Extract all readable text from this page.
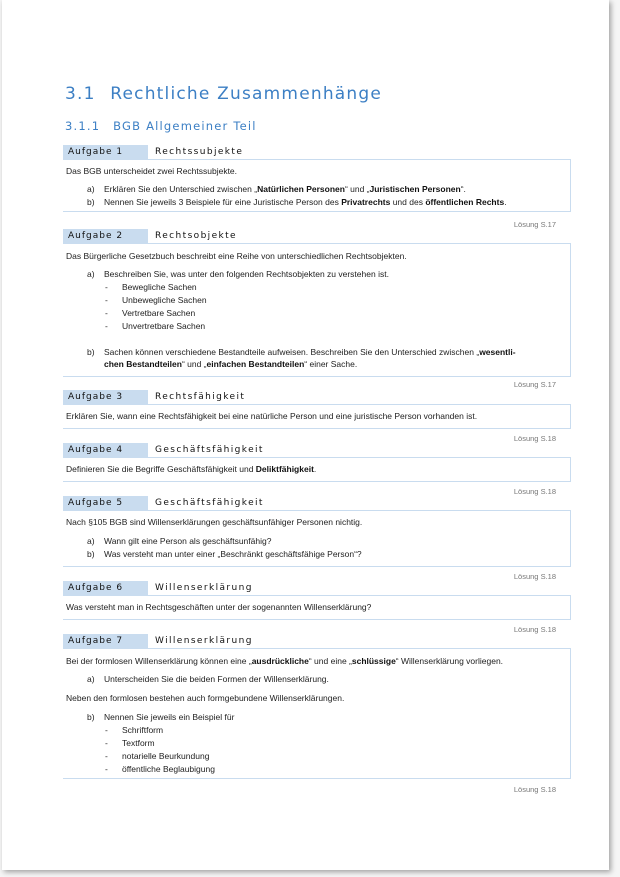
3.1 Rechtliche Zusammenhänge
3.1.1 BGB Allgemeiner Teil
Aufgabe 1	Rechtssubjekte
Das BGB unterscheidet zwei Rechtssubjekte.
a) Erklären Sie den Unterschied zwischen „Natürlichen Personen“ und „Juristischen Personen“.
b) Nennen Sie jeweils 3 Beispiele für eine Juristische Person des Privatrechts und des öffentlichen Rechts.
Lösung S.17
Aufgabe 2	Rechtsobjekte
Das Bürgerliche Gesetzbuch beschreibt eine Reihe von unterschiedlichen Rechtsobjekten.
a) Beschreiben Sie, was unter den folgenden Rechtsobjekten zu verstehen ist.
- Bewegliche Sachen
- Unbewegliche Sachen
- Vertretbare Sachen
- Unvertretbare Sachen
b) Sachen können verschiedene Bestandteile aufweisen. Beschreiben Sie den Unterschied zwischen „wesentli-
chen Bestandteilen“ und „einfachen Bestandteilen“ einer Sache.
Lösung S.17
Aufgabe 3	Rechtsfähigkeit
Erklären Sie, wann eine Rechtsfähigkeit bei eine natürliche Person und eine juristische Person vorhanden ist.
Lösung S.18
Aufgabe 4	Geschäftsfähigkeit
Definieren Sie die Begriffe Geschäftsfähigkeit und Deliktfähigkeit.
Lösung S.18
Aufgabe 5	Geschäftsfähigkeit
Nach §105 BGB sind Willenserklärungen geschäftsunfähiger Personen nichtig.
a) Wann gilt eine Person als geschäftsunfähig?
b) Was versteht man unter einer „Beschränkt geschäftsfähige Person“?
Lösung S.18
Aufgabe 6	Willenserklärung
Was versteht man in Rechtsgeschäften unter der sogenannten Willenserklärung?
Lösung S.18
Aufgabe 7	Willenserklärung
Bei der formlosen Willenserklärung können eine „ausdrückliche“ und eine „schlüssige“ Willenserklärung vorliegen.
a) Unterscheiden Sie die beiden Formen der Willenserklärung.
Neben den formlosen bestehen auch formgebundene Willenserklärungen.
b) Nennen Sie jeweils ein Beispiel für
- Schriftform
- Textform
- notarielle Beurkundung
- öffentliche Beglaubigung
Lösung S.18
